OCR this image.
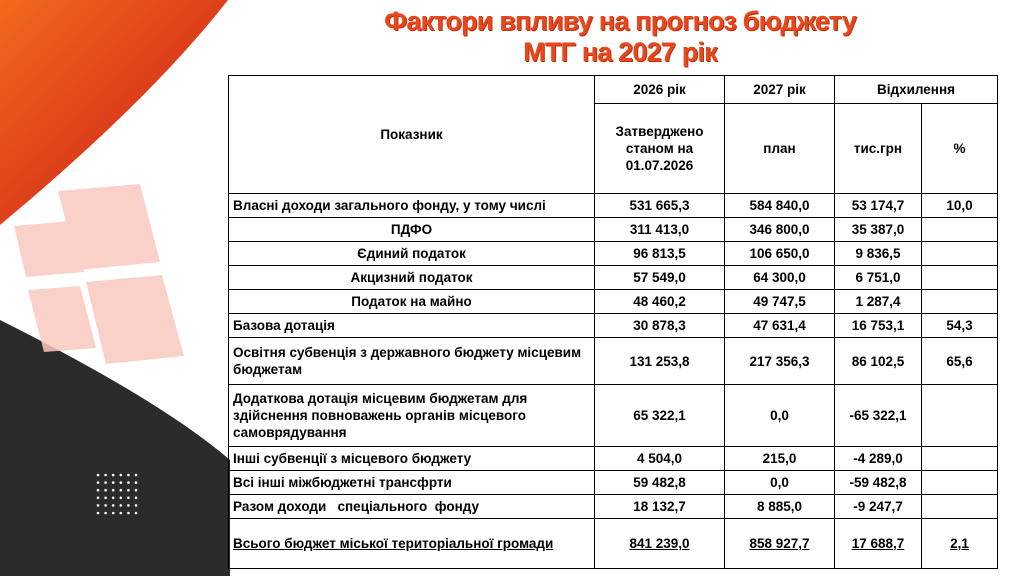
Фактори впливу на прогноз бюджету
МТГ на 2027 рік
Показник	2026 рік	2027 рік	Відхилення	
	Затверджено станом на 01.07.2026	план	тис.грн	%
Власні доходи загального фонду, у тому числі	531 665,3	584 840,0	53 174,7	10,0
ПДФО	311 413,0	346 800,0	35 387,0	
Єдиний податок	96 813,5	106 650,0	9 836,5	
Акцизний податок	57 549,0	64 300,0	6 751,0	
Податок на майно	48 460,2	49 747,5	1 287,4	
Базова дотація	30 878,3	47 631,4	16 753,1	54,3
Освітня субвенція з державного бюджету місцевим бюджетам	131 253,8	217 356,3	86 102,5	65,6
Додаткова дотація місцевим бюджетам для здійснення повноважень органів місцевого самоврядування	65 322,1	0,0	-65 322,1	
Інші субвенції з місцевого бюджету	4 504,0	215,0	-4 289,0	
Всі інші міжбюджетні трансфрти	59 482,8	0,0	-59 482,8	
Разом доходи   спеціального  фонду	18 132,7	8 885,0	-9 247,7	
Всього бюджет міської територіальної громади	841 239,0	858 927,7	17 688,7	2,1
